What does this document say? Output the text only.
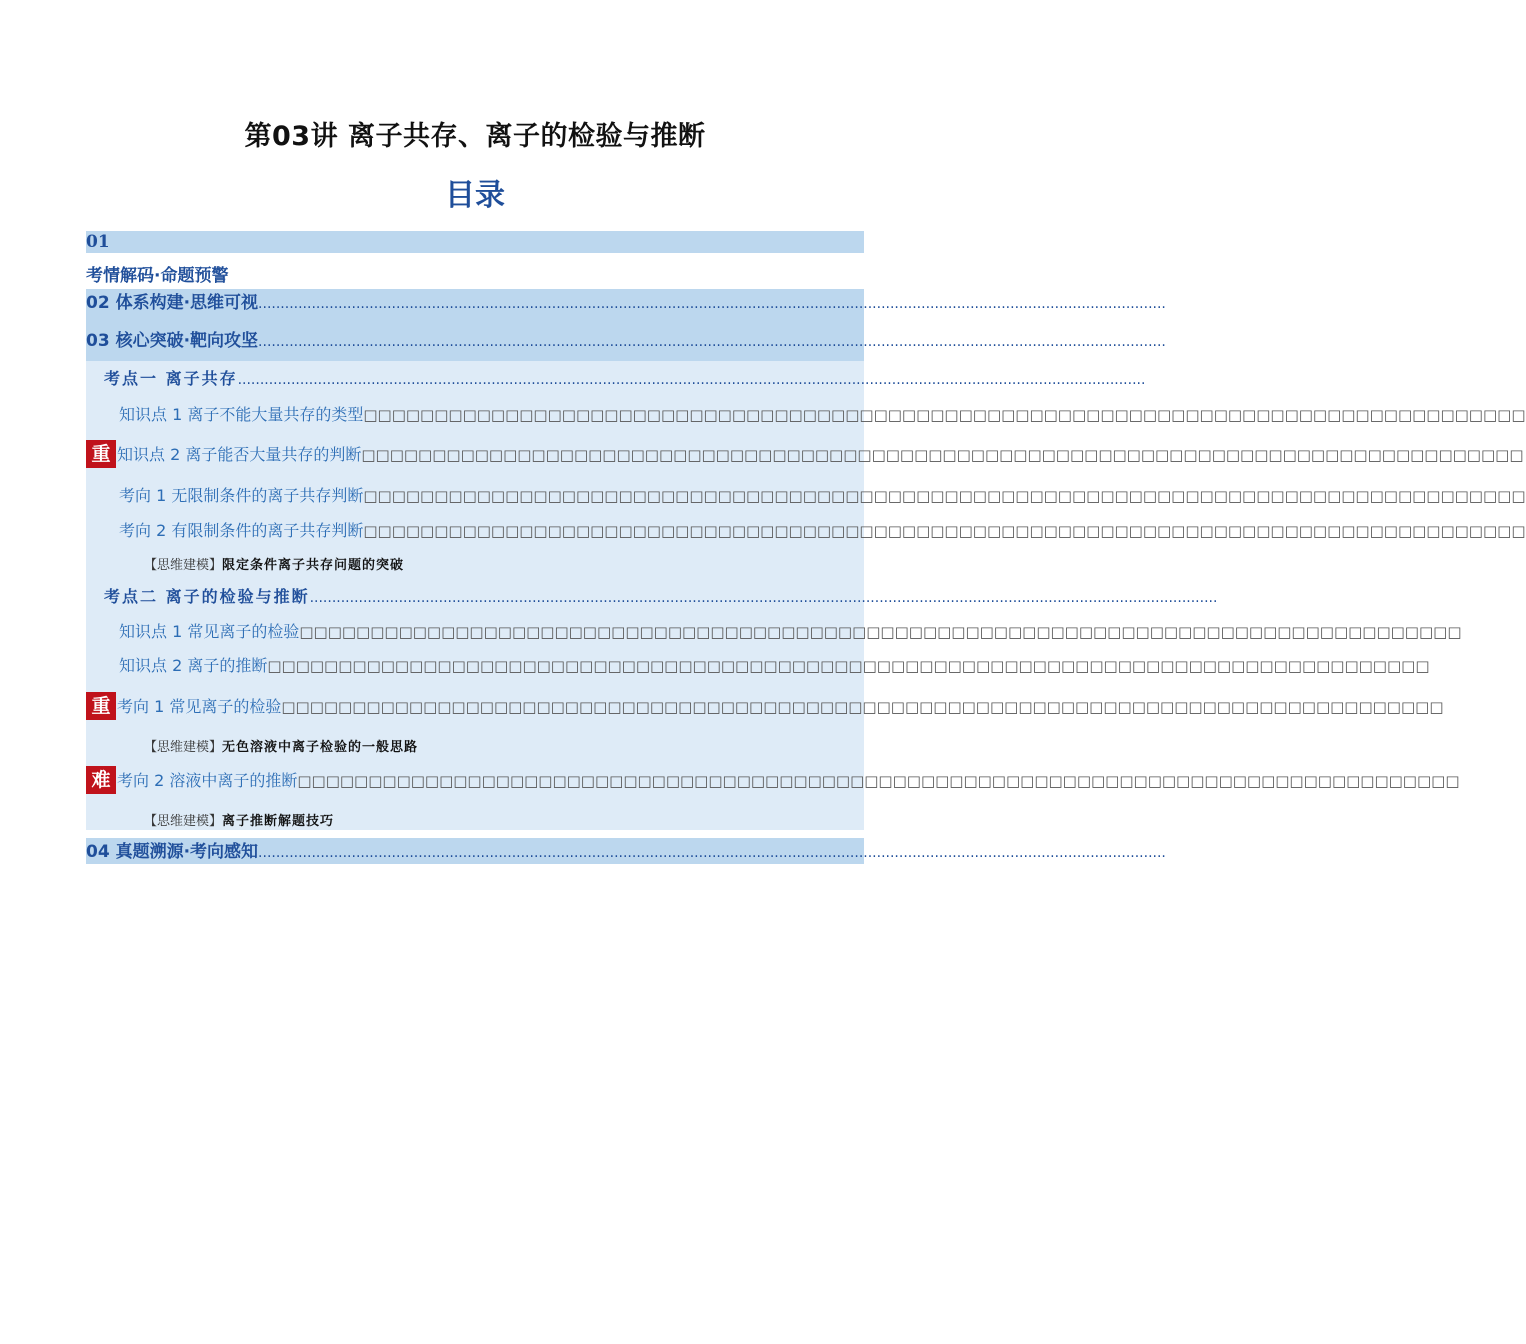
第03讲 离子共存、离子的检验与推断
目录
01
考情解码·命题预警
02 体系构建·思维可视............................................................................................................................................................................................................
03 核心突破·靶向攻坚............................................................................................................................................................................................................
考点一 离子共存............................................................................................................................................................................................................
知识点 1 离子不能大量共存的类型□□□□□□□□□□□□□□□□□□□□□□□□□□□□□□□□□□□□□□□□□□□□□□□□□□□□□□□□□□□□□□□□□□□□□□□□□□□□□□□□□□
重 知识点 2 离子能否大量共存的判断□□□□□□□□□□□□□□□□□□□□□□□□□□□□□□□□□□□□□□□□□□□□□□□□□□□□□□□□□□□□□□□□□□□□□□□□□□□□□□□□□□
考向 1 无限制条件的离子共存判断□□□□□□□□□□□□□□□□□□□□□□□□□□□□□□□□□□□□□□□□□□□□□□□□□□□□□□□□□□□□□□□□□□□□□□□□□□□□□□□□□□
考向 2 有限制条件的离子共存判断□□□□□□□□□□□□□□□□□□□□□□□□□□□□□□□□□□□□□□□□□□□□□□□□□□□□□□□□□□□□□□□□□□□□□□□□□□□□□□□□□□
【思维建模】限定条件离子共存问题的突破
考点二 离子的检验与推断............................................................................................................................................................................................................
知识点 1 常见离子的检验□□□□□□□□□□□□□□□□□□□□□□□□□□□□□□□□□□□□□□□□□□□□□□□□□□□□□□□□□□□□□□□□□□□□□□□□□□□□□□□□□□
知识点 2 离子的推断□□□□□□□□□□□□□□□□□□□□□□□□□□□□□□□□□□□□□□□□□□□□□□□□□□□□□□□□□□□□□□□□□□□□□□□□□□□□□□□□□□
重 考向 1 常见离子的检验□□□□□□□□□□□□□□□□□□□□□□□□□□□□□□□□□□□□□□□□□□□□□□□□□□□□□□□□□□□□□□□□□□□□□□□□□□□□□□□□□□
【思维建模】无色溶液中离子检验的一般思路
难 考向 2 溶液中离子的推断□□□□□□□□□□□□□□□□□□□□□□□□□□□□□□□□□□□□□□□□□□□□□□□□□□□□□□□□□□□□□□□□□□□□□□□□□□□□□□□□□□
【思维建模】离子推断解题技巧
04 真题溯源·考向感知............................................................................................................................................................................................................
